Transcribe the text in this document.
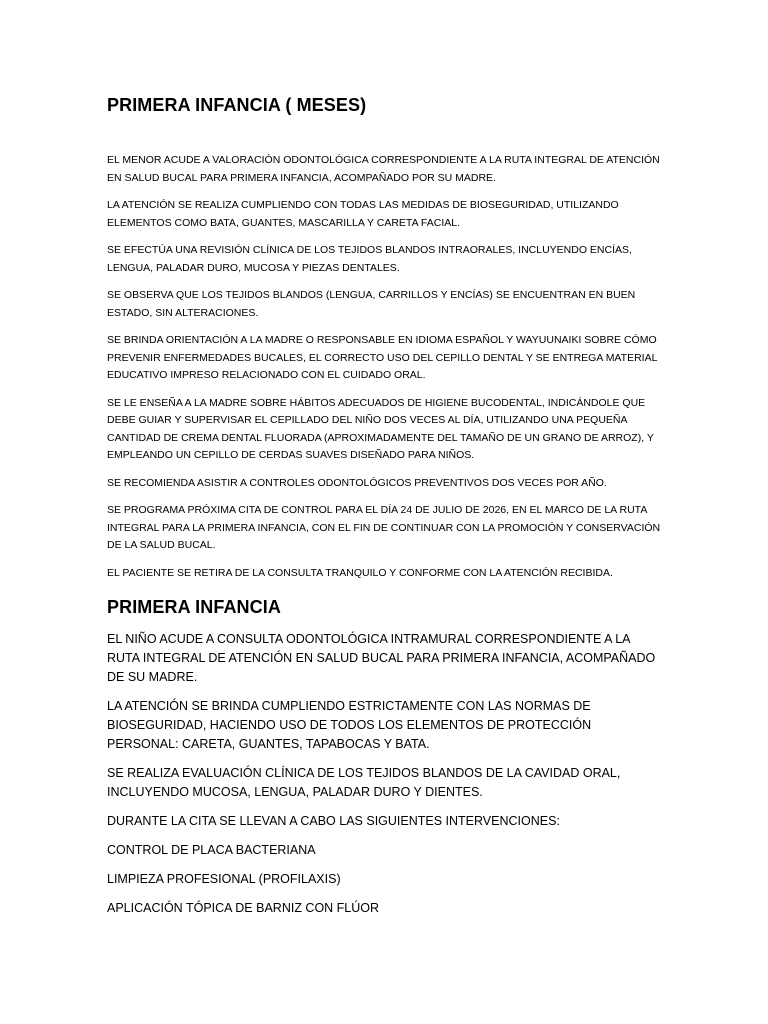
PRIMERA INFANCIA ( MESES)

EL MENOR ACUDE A VALORACIÓN ODONTOLÓGICA CORRESPONDIENTE A LA RUTA INTEGRAL DE ATENCIÓN EN SALUD BUCAL PARA PRIMERA INFANCIA, ACOMPAÑADO POR SU MADRE.

LA ATENCIÓN SE REALIZA CUMPLIENDO CON TODAS LAS MEDIDAS DE BIOSEGURIDAD, UTILIZANDO ELEMENTOS COMO BATA, GUANTES, MASCARILLA Y CARETA FACIAL.

SE EFECTÚA UNA REVISIÓN CLÍNICA DE LOS TEJIDOS BLANDOS INTRAORALES, INCLUYENDO ENCÍAS, LENGUA, PALADAR DURO, MUCOSA Y PIEZAS DENTALES.

SE OBSERVA QUE LOS TEJIDOS BLANDOS (LENGUA, CARRILLOS Y ENCÍAS) SE ENCUENTRAN EN BUEN ESTADO, SIN ALTERACIONES.

SE BRINDA ORIENTACIÓN A LA MADRE O RESPONSABLE EN IDIOMA ESPAÑOL Y WAYUUNAIKI SOBRE CÓMO PREVENIR ENFERMEDADES BUCALES, EL CORRECTO USO DEL CEPILLO DENTAL Y SE ENTREGA MATERIAL EDUCATIVO IMPRESO RELACIONADO CON EL CUIDADO ORAL.

SE LE ENSEÑA A LA MADRE SOBRE HÁBITOS ADECUADOS DE HIGIENE BUCODENTAL, INDICÁNDOLE QUE DEBE GUIAR Y SUPERVISAR EL CEPILLADO DEL NIÑO DOS VECES AL DÍA, UTILIZANDO UNA PEQUEÑA CANTIDAD DE CREMA DENTAL FLUORADA (APROXIMADAMENTE DEL TAMAÑO DE UN GRANO DE ARROZ), Y EMPLEANDO UN CEPILLO DE CERDAS SUAVES DISEÑADO PARA NIÑOS.

SE RECOMIENDA ASISTIR A CONTROLES ODONTOLÓGICOS PREVENTIVOS DOS VECES POR AÑO.

SE PROGRAMA PRÓXIMA CITA DE CONTROL PARA EL DÍA 24 DE JULIO DE 2026, EN EL MARCO DE LA RUTA INTEGRAL PARA LA PRIMERA INFANCIA, CON EL FIN DE CONTINUAR CON LA PROMOCIÓN Y CONSERVACIÓN DE LA SALUD BUCAL.

EL PACIENTE SE RETIRA DE LA CONSULTA TRANQUILO Y CONFORME CON LA ATENCIÓN RECIBIDA.

PRIMERA INFANCIA

EL NIÑO ACUDE A CONSULTA ODONTOLÓGICA INTRAMURAL CORRESPONDIENTE A LA RUTA INTEGRAL DE ATENCIÓN EN SALUD BUCAL PARA PRIMERA INFANCIA, ACOMPAÑADO DE SU MADRE.

LA ATENCIÓN SE BRINDA CUMPLIENDO ESTRICTAMENTE CON LAS NORMAS DE BIOSEGURIDAD, HACIENDO USO DE TODOS LOS ELEMENTOS DE PROTECCIÓN PERSONAL: CARETA, GUANTES, TAPABOCAS Y BATA.

SE REALIZA EVALUACIÓN CLÍNICA DE LOS TEJIDOS BLANDOS DE LA CAVIDAD ORAL, INCLUYENDO MUCOSA, LENGUA, PALADAR DURO Y DIENTES.

DURANTE LA CITA SE LLEVAN A CABO LAS SIGUIENTES INTERVENCIONES:

CONTROL DE PLACA BACTERIANA

LIMPIEZA PROFESIONAL (PROFILAXIS)

APLICACIÓN TÓPICA DE BARNIZ CON FLÚOR
